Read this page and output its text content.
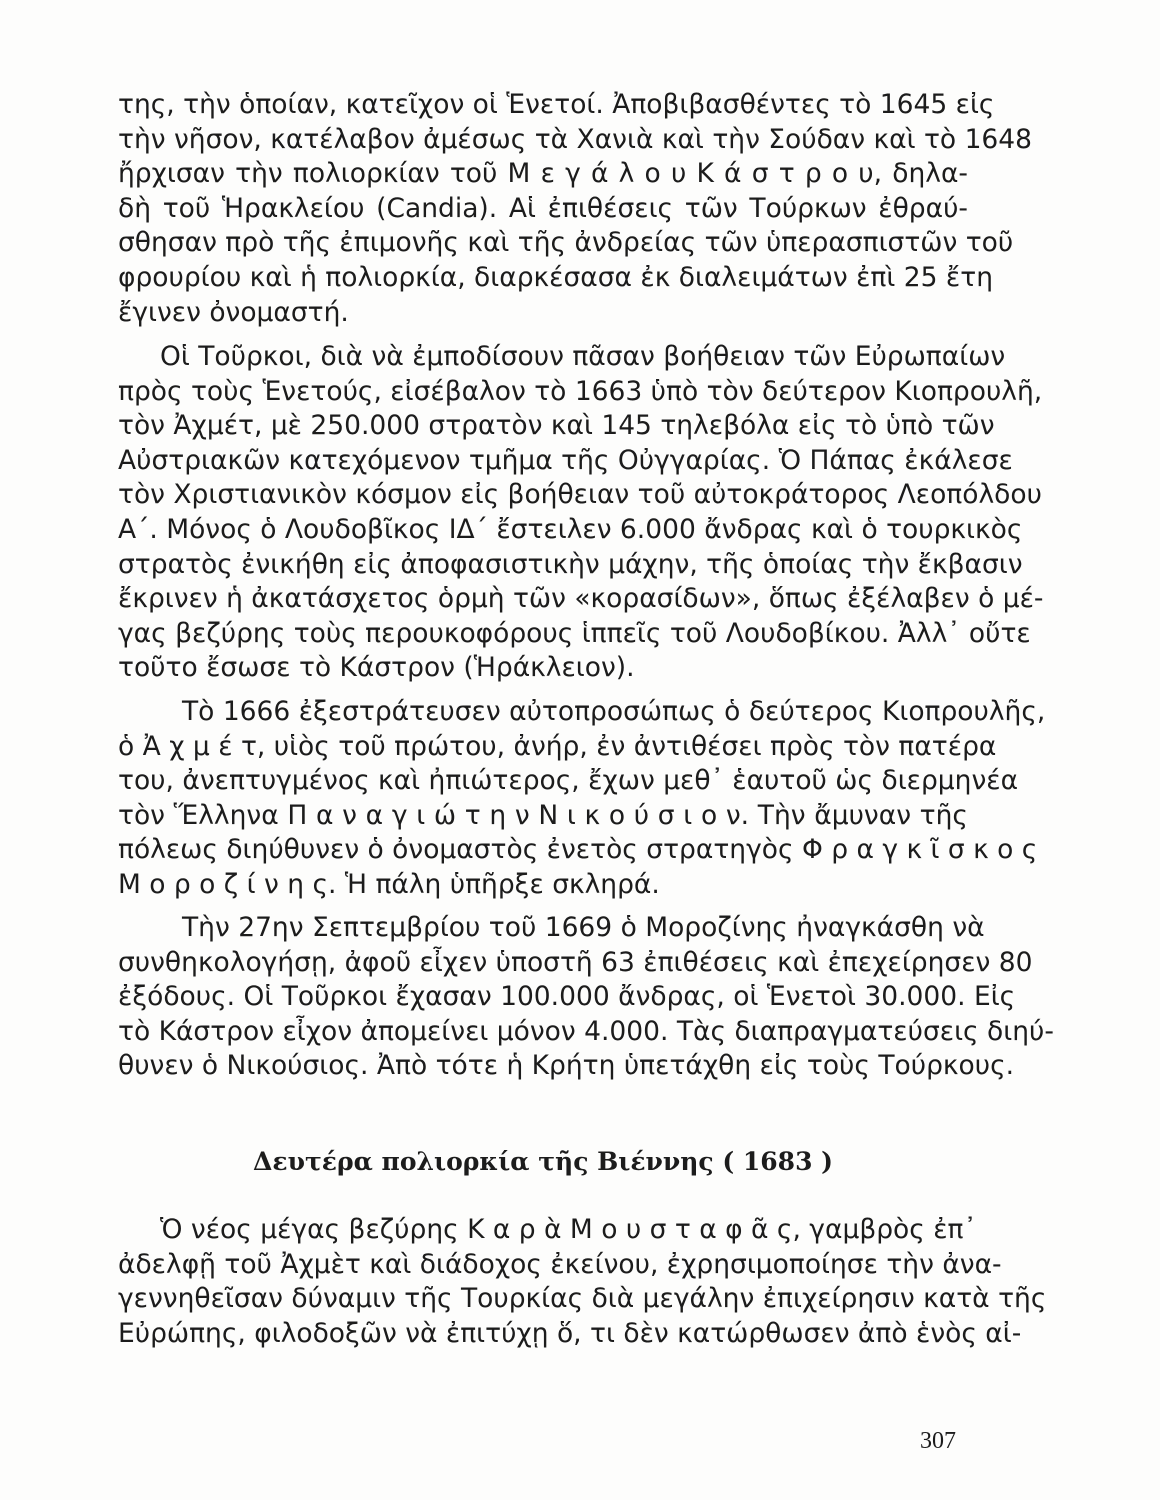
της, τὴν ὁποίαν, κατεῖχον οἱ Ἑνετοί. Ἀποβιβασθέντες τὸ 1645 εἰς
τὴν νῆσον, κατέλαβον ἀμέσως τὰ Χανιὰ καὶ τὴν Σούδαν καὶ τὸ 1648
ἤρχισαν τὴν πολιορκίαν τοῦ Μ ε γ ά λ ο υ Κ ά σ τ ρ ο υ, δηλα-
δὴ τοῦ Ἡρακλείου (Candia). Αἱ ἐπιθέσεις τῶν Τούρκων ἐθραύ-
σθησαν πρὸ τῆς ἐπιμονῆς καὶ τῆς ἀνδρείας τῶν ὑπερασπιστῶν τοῦ
φρουρίου καὶ ἡ πολιορκία, διαρκέσασα ἐκ διαλειμάτων ἐπὶ 25 ἔτη
ἔγινεν ὀνομαστή.
Οἱ Τοῦρκοι, διὰ νὰ ἐμποδίσουν πᾶσαν βοήθειαν τῶν Εὐρωπαίων
πρὸς τοὺς Ἑνετούς, εἰσέβαλον τὸ 1663 ὑπὸ τὸν δεύτερον Κιοπρουλῆ,
τὸν Ἀχμέτ, μὲ 250.000 στρατὸν καὶ 145 τηλεβόλα εἰς τὸ ὑπὸ τῶν
Αὐστριακῶν κατεχόμενον τμῆμα τῆς Οὐγγαρίας. Ὁ Πάπας ἐκάλεσε
τὸν Χριστιανικὸν κόσμον εἰς βοήθειαν τοῦ αὐτοκράτορος Λεοπόλδου
Α΄. Μόνος ὁ Λουδοβῖκος ΙΔ΄ ἔστειλεν 6.000 ἄνδρας καὶ ὁ τουρκικὸς
στρατὸς ἐνικήθη εἰς ἀποφασιστικὴν μάχην, τῆς ὁποίας τὴν ἔκβασιν
ἔκρινεν ἡ ἀκατάσχετος ὁρμὴ τῶν «κορασίδων», ὅπως ἐξέλαβεν ὁ μέ-
γας βεζύρης τοὺς περουκοφόρους ἱππεῖς τοῦ Λουδοβίκου. Ἀλλ᾿ οὔτε
τοῦτο ἔσωσε τὸ Κάστρον (Ἡράκλειον).
Τὸ 1666 ἐξεστράτευσεν αὐτοπροσώπως ὁ δεύτερος Κιοπρουλῆς,
ὁ Ἀ χ μ έ τ, υἱὸς τοῦ πρώτου, ἀνήρ, ἐν ἀντιθέσει πρὸς τὸν πατέρα
του, ἀνεπτυγμένος καὶ ἠπιώτερος, ἔχων μεθ᾿ ἑαυτοῦ ὡς διερμηνέα
τὸν Ἕλληνα Π α ν α γ ι ώ τ η ν Ν ι κ ο ύ σ ι ο ν. Τὴν ἄμυναν τῆς
πόλεως διηύθυνεν ὁ ὀνομαστὸς ἐνετὸς στρατηγὸς Φ ρ α γ κ ῖ σ κ ο ς
Μ ο ρ ο ζ ί ν η ς. Ἡ πάλη ὑπῆρξε σκληρά.
Τὴν 27ην Σεπτεμβρίου τοῦ 1669 ὁ Μοροζίνης ἠναγκάσθη νὰ
συνθηκολογήσῃ, ἀφοῦ εἶχεν ὑποστῆ 63 ἐπιθέσεις καὶ ἐπεχείρησεν 80
ἐξόδους. Οἱ Τοῦρκοι ἔχασαν 100.000 ἄνδρας, οἱ Ἑνετοὶ 30.000. Εἰς
τὸ Κάστρον εἶχον ἀπομείνει μόνον 4.000. Τὰς διαπραγματεύσεις διηύ-
θυνεν ὁ Νικούσιος. Ἀπὸ τότε ἡ Κρήτη ὑπετάχθη εἰς τοὺς Τούρκους.
Δευτέρα πολιορκία τῆς Βιέννης ( 1683 )
Ὁ νέος μέγας βεζύρης Κ α ρ ὰ Μ ο υ σ τ α φ ᾶ ς, γαμβρὸς ἐπ᾿
ἀδελφῇ τοῦ Ἀχμὲτ καὶ διάδοχος ἐκείνου, ἐχρησιμοποίησε τὴν ἀνα-
γεννηθεῖσαν δύναμιν τῆς Τουρκίας διὰ μεγάλην ἐπιχείρησιν κατὰ τῆς
Εὐρώπης, φιλοδοξῶν νὰ ἐπιτύχῃ ὅ, τι δὲν κατώρθωσεν ἀπὸ ἑνὸς αἰ-
307
